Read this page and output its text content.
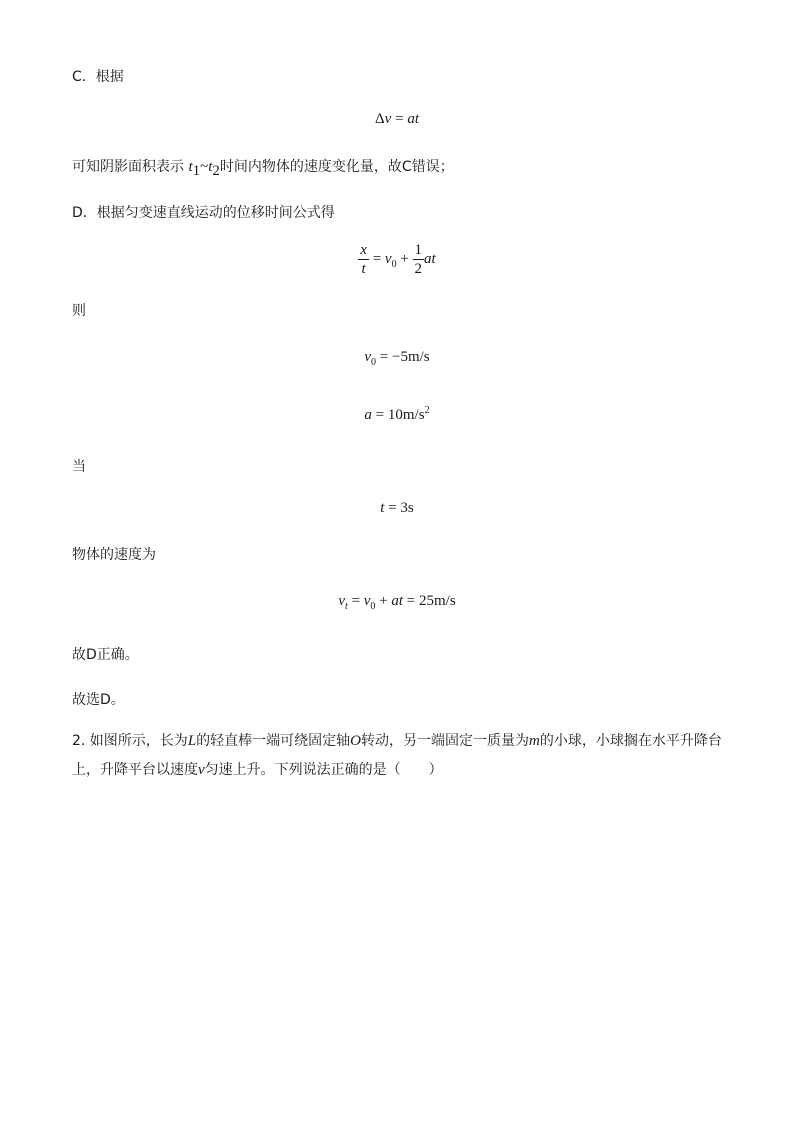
C．根据
Δv = at
可知阴影面积表示 $t_1\sim t_2$时间内物体的速度变化量，故C错误；
D．根据匀变速直线运动的位移时间公式得
$\frac{x}{t} = v_0 + \frac{1}{2}$ at
则
$v_0 = -5m/s$
$a = 10m/s^2$
当
t = 3s
物体的速度为
$v_t = v_0$ + at = 25m/s
故D正确。
故选D。
2. 如图所示，长为L的轻直棒一端可绕固定轴O转动，另一端固定一质量为m的小球，小球搁在水平升降台上，升降平台以速度v匀速上升。下列说法正确的是（　　）
